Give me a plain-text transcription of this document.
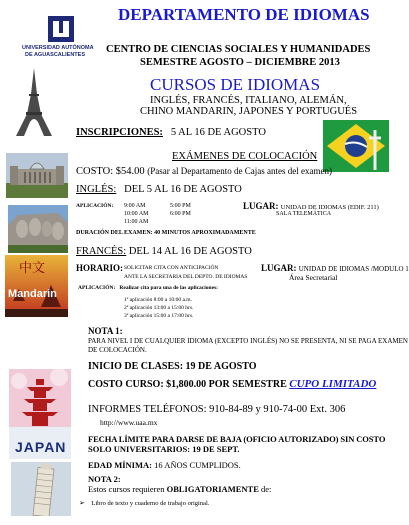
DEPARTAMENTO DE IDIOMAS
UNIVERSIDAD AUTÓNOMA
DE AGUASCALIENTES CENTRO DE CIENCIAS SOCIALES Y HUMANIDADES
SEMESTRE AGOSTO – DICIEMBRE 2013
CURSOS DE IDIOMAS
INGLÉS, FRANCÉS, ITALIANO, ALEMÁN,
CHINO MANDARIN, JAPONES Y PORTUGUÉS
INSCRIPCIONES: 5 AL 16 DE AGOSTO
EXÁMENES DE COLOCACIÓN
COSTO: $54.00 (Pasar al Departamento de Cajas antes del examen)
INGLÉS: DEL 5 AL 16 DE AGOSTO
APLICACIÓN: 9:00 AM
10:00 AM
11:00 AM
5:00 PM
6:00 PM
LUGAR: UNIDAD DE IDIOMAS (EDIF. 211)
SALA TELEMÁTICA
DURACIÓN DEL EXAMEN: 40 MINUTOS APROXIMADAMENTE
FRANCÉS: DEL 14 AL 16 DE AGOSTO
HORARIO: SOLICITAR CITA CON ANTICIPACIÓN
ANTE LA SECRETARIA DEL DEPTO. DE IDIOMAS
LUGAR: UNIDAD DE IDIOMAS /MODULO 1
Área Secretarial
中文
Mandarin	APLICACIÓN: Realizar cita para una de las aplicaciones:
1ª aplicación 8:00 a 10:00 a.m.
2ª aplicación 13:00 a 15:00 hrs.
3ª aplicación 15:00 a 17:00 hrs.
NOTA 1:
PARA NIVEL I DE CUALQUIER IDIOMA (EXCEPTO INGLÉS) NO SE PRESENTA, NI SE PAGA EXAMEN
DE COLOCACIÓN.
INICIO DE CLASES: 19 DE AGOSTO
COSTO CURSO: $1,800.00 POR SEMESTRE CUPO LIMITADO
JAPAN
INFORMES TELÉFONOS: 910-84-89 y 910-74-00 Ext. 306
http://www.uaa.mx
FECHA LÍMITE PARA DARSE DE BAJA (OFICIO AUTORIZADO) SIN COSTO
SOLO UNIVERSITARIOS: 19 DE SEPT.
EDAD MÍNIMA: 16 AÑOS CUMPLIDOS.
NOTA 2:
Estos cursos requieren OBLIGATORIAMENTE de:
➢ Libro de texto y cuaderno de trabajo original.
